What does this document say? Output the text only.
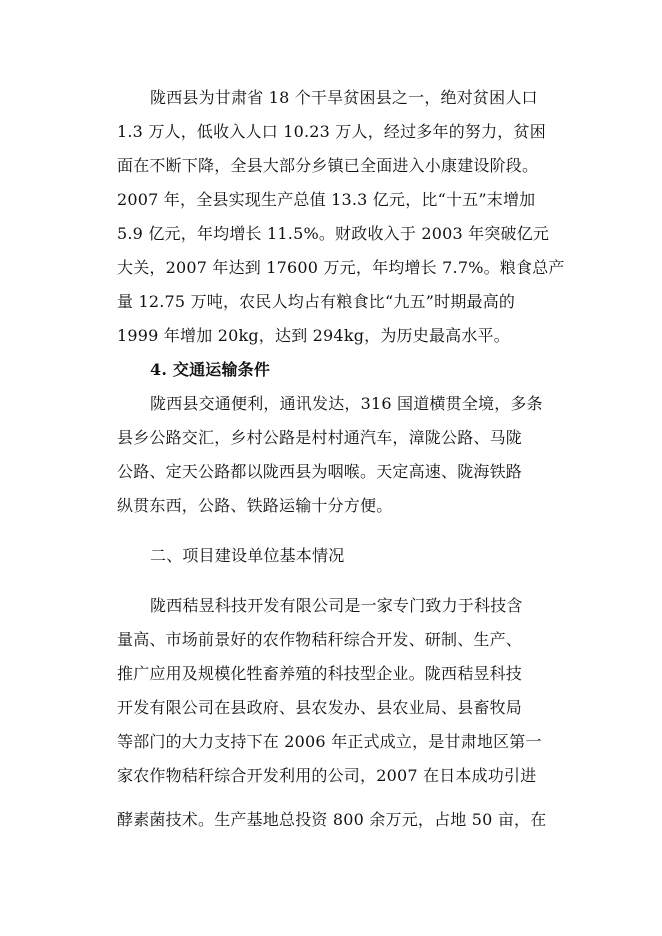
陇西县为甘肃省 18 个干旱贫困县之一，绝对贫困人口
1.3 万人，低收入人口 10.23 万人，经过多年的努力，贫困
面在不断下降，全县大部分乡镇已全面进入小康建设阶段。
2007 年，全县实现生产总值 13.3 亿元，比“十五”末增加
5.9 亿元，年均增长 11.5%。财政收入于 2003 年突破亿元
大关，2007 年达到 17600 万元，年均增长 7.7%。粮食总产
量 12.75 万吨，农民人均占有粮食比“九五”时期最高的
1999 年增加 20kg，达到 294kg，为历史最高水平。
4. 交通运输条件
陇西县交通便利，通讯发达，316 国道横贯全境，多条
县乡公路交汇，乡村公路是村村通汽车，漳陇公路、马陇
公路、定天公路都以陇西县为咽喉。天定高速、陇海铁路
纵贯东西，公路、铁路运输十分方便。
二、项目建设单位基本情况
陇西秸昱科技开发有限公司是一家专门致力于科技含
量高、市场前景好的农作物秸秆综合开发、研制、生产、
推广应用及规模化牲畜养殖的科技型企业。陇西秸昱科技
开发有限公司在县政府、县农发办、县农业局、县畜牧局
等部门的大力支持下在 2006 年正式成立，是甘肃地区第一
家农作物秸秆综合开发利用的公司，2007 在日本成功引进
酵素菌技术。生产基地总投资 800 余万元，占地 50 亩，在
